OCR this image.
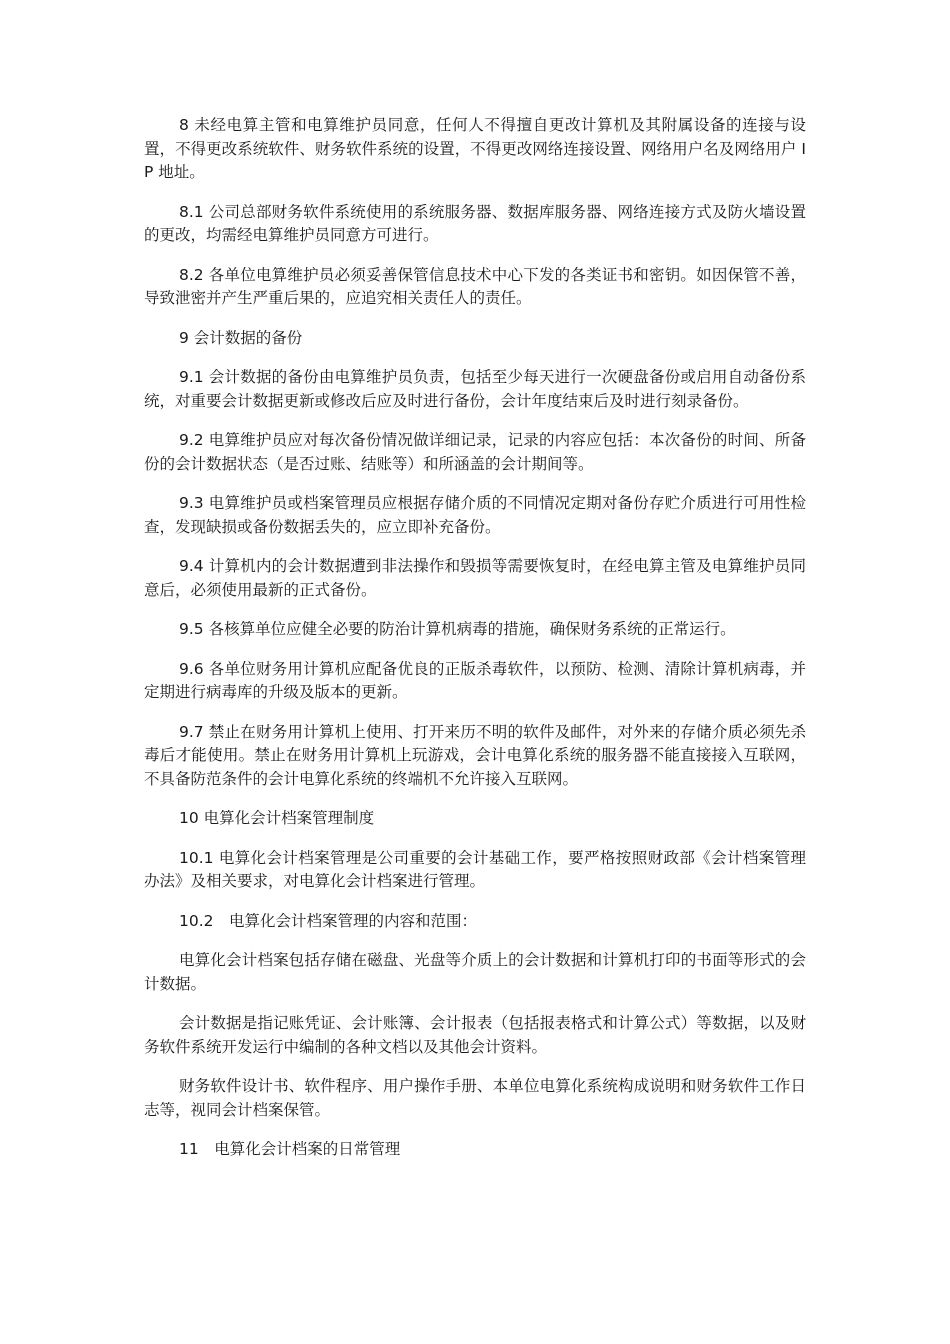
8 未经电算主管和电算维护员同意，任何人不得擅自更改计算机及其附属设备的连接与设置，不得更改系统软件、财务软件系统的设置，不得更改网络连接设置、网络用户名及网络用户 IP 地址。

8.1 公司总部财务软件系统使用的系统服务器、数据库服务器、网络连接方式及防火墙设置的更改，均需经电算维护员同意方可进行。

8.2 各单位电算维护员必须妥善保管信息技术中心下发的各类证书和密钥。如因保管不善，导致泄密并产生严重后果的，应追究相关责任人的责任。

9 会计数据的备份

9.1 会计数据的备份由电算维护员负责，包括至少每天进行一次硬盘备份或启用自动备份系统，对重要会计数据更新或修改后应及时进行备份，会计年度结束后及时进行刻录备份。

9.2 电算维护员应对每次备份情况做详细记录，记录的内容应包括：本次备份的时间、所备份的会计数据状态（是否过账、结账等）和所涵盖的会计期间等。

9.3 电算维护员或档案管理员应根据存储介质的不同情况定期对备份存贮介质进行可用性检查，发现缺损或备份数据丢失的，应立即补充备份。

9.4 计算机内的会计数据遭到非法操作和毁损等需要恢复时，在经电算主管及电算维护员同意后，必须使用最新的正式备份。

9.5 各核算单位应健全必要的防治计算机病毒的措施，确保财务系统的正常运行。

9.6 各单位财务用计算机应配备优良的正版杀毒软件，以预防、检测、清除计算机病毒，并定期进行病毒库的升级及版本的更新。

9.7 禁止在财务用计算机上使用、打开来历不明的软件及邮件，对外来的存储介质必须先杀毒后才能使用。禁止在财务用计算机上玩游戏，会计电算化系统的服务器不能直接接入互联网，不具备防范条件的会计电算化系统的终端机不允许接入互联网。

10 电算化会计档案管理制度

10.1 电算化会计档案管理是公司重要的会计基础工作，要严格按照财政部《会计档案管理办法》及相关要求，对电算化会计档案进行管理。

10.2　电算化会计档案管理的内容和范围：

电算化会计档案包括存储在磁盘、光盘等介质上的会计数据和计算机打印的书面等形式的会计数据。

会计数据是指记账凭证、会计账簿、会计报表（包括报表格式和计算公式）等数据，以及财务软件系统开发运行中编制的各种文档以及其他会计资料。

财务软件设计书、软件程序、用户操作手册、本单位电算化系统构成说明和财务软件工作日志等，视同会计档案保管。

11　电算化会计档案的日常管理
